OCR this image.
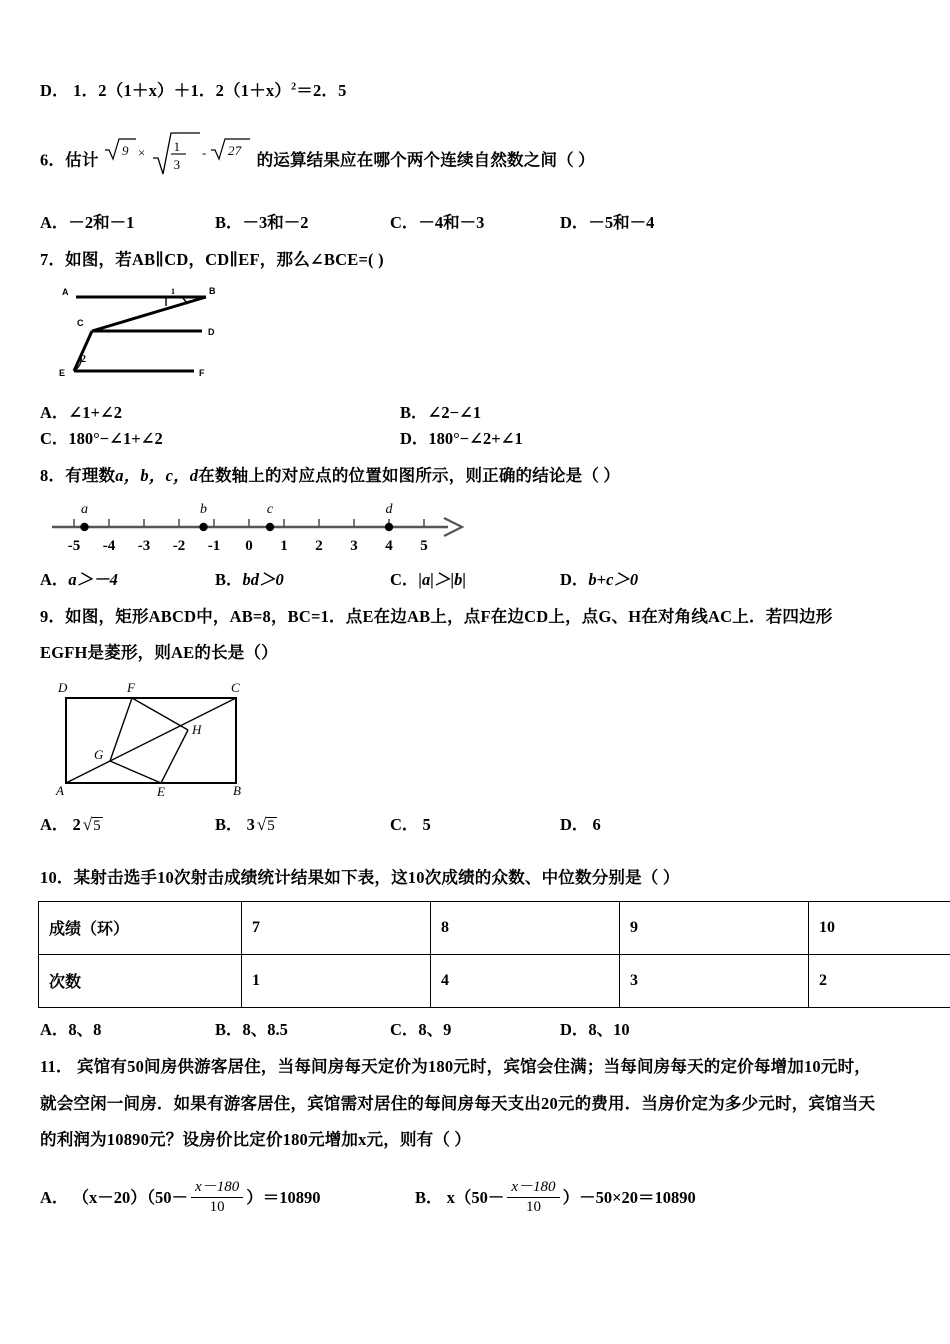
D． 1．2（1＋x）＋1．$2(1+x)^2=2$．5
6．估计
9 × 1
3
- 27
的运算结果应在哪个两个连续自然数之间（ ）
A．－2和－1	B．－3和－2	C．－4和－3	D．－5和－4
7．如图，若AB∥CD，CD∥EF，那么∠BCE=( )
1
2
A	B
C
D
E	F
A．∠1+∠2	B．∠2−∠1
C．180°−∠1+∠2	D．180°−∠2+∠1
8．有理数a，b，c，d在数轴上的对应点的位置如图所示，则正确的结论是（ ）
-5 -4 -3 -2 -1 0 1 2 3 4 5
a	b	c	d
A．a＞－4	B．bd＞0	C．|a|＞|b|	D．b+c＞0
9．如图，矩形ABCD中，AB=8，BC=1．点E在边AB上，点F在边CD上，点G、H在对角线AC上．若四边形
EGFH是菱形，则AE的长是（）
A	B
C
D
E
F
G
H
A． 2 √5	B． 3 √5	C． 5	D． 6
10．某射击选手10次射击成绩统计结果如下表，这10次成绩的众数、中位数分别是（ ）
成绩（环）	7	8	9	10
次数	1	4	3	2
A．8、8	B．8、8.5	C．8、9	D．8、10
11． 宾馆有50间房供游客居住，当每间房每天定价为180元时，宾馆会住满；当每间房每天的定价每增加10元时，
就会空闲一间房．如果有游客居住，宾馆需对居住的每间房每天支出20元的费用．当房价定为多少元时，宾馆当天
的利润为10890元？设房价比定价180元增加x元，则有（ ）
A． $(x-20)(50- \frac{x-180}{10} )=10890$	B． $x(50- \frac{x-180}{10} )-50\times 20=10890$
